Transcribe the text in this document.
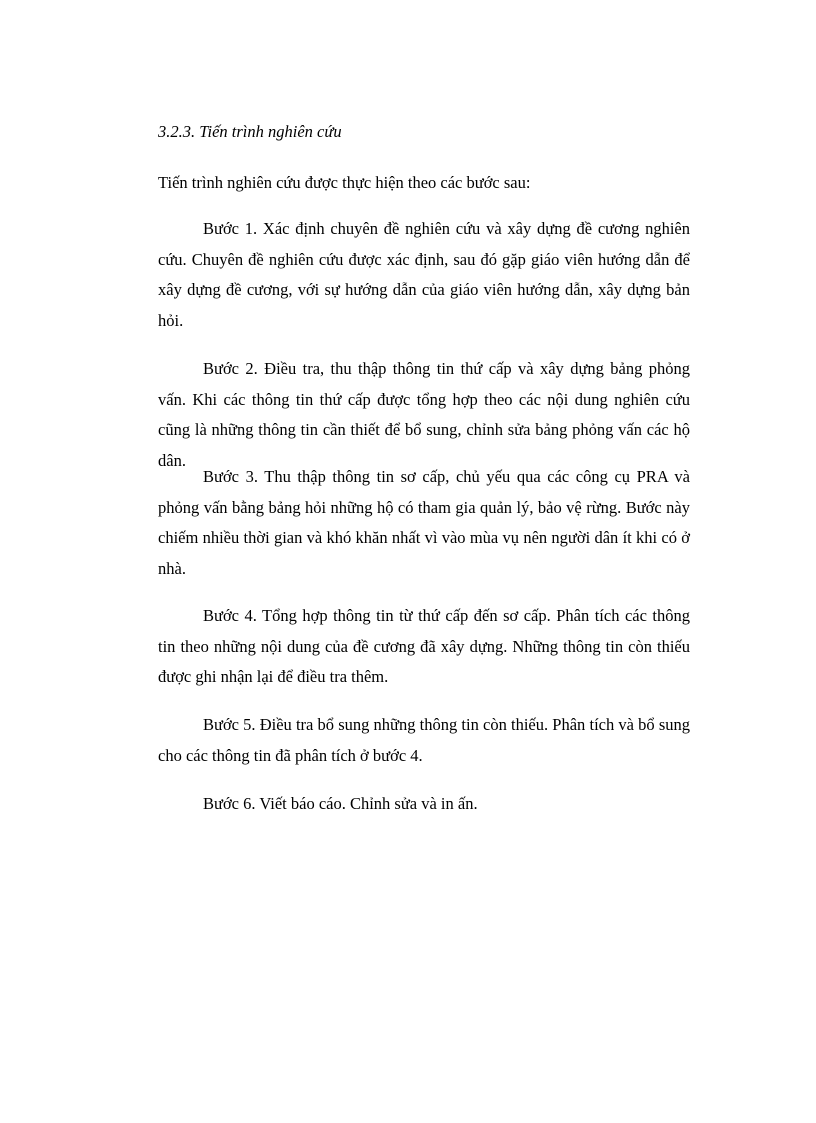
3.2.3. Tiến trình nghiên cứu

Tiến trình nghiên cứu được thực hiện theo các bước sau:

Bước 1. Xác định chuyên đề nghiên cứu và xây dựng đề cương nghiên cứu. Chuyên đề nghiên cứu được xác định, sau đó gặp giáo viên hướng dẫn để xây dựng đề cương, với sự hướng dẫn của giáo viên hướng dẫn, xây dựng bản hỏi.

Bước 2. Điều tra, thu thập thông tin thứ cấp và xây dựng bảng phỏng vấn. Khi các thông tin thứ cấp được tổng hợp theo các nội dung nghiên cứu cũng là những thông tin cần thiết để bổ sung, chỉnh sửa bảng phỏng vấn các hộ dân.

Bước 3. Thu thập thông tin sơ cấp, chủ yếu qua các công cụ PRA và phỏng vấn bằng bảng hỏi những hộ có tham gia quản lý, bảo vệ rừng. Bước này chiếm nhiều thời gian và khó khăn nhất vì vào mùa vụ nên người dân ít khi có ở nhà.

Bước 4. Tổng hợp thông tin từ thứ cấp đến sơ cấp. Phân tích các thông tin theo những nội dung của đề cương đã xây dựng. Những thông tin còn thiếu được ghi nhận lại để điều tra thêm.

Bước 5. Điều tra bổ sung những thông tin còn thiếu. Phân tích và bổ sung cho các thông tin đã phân tích ở bước 4.

Bước 6. Viết báo cáo. Chỉnh sửa và in ấn.
